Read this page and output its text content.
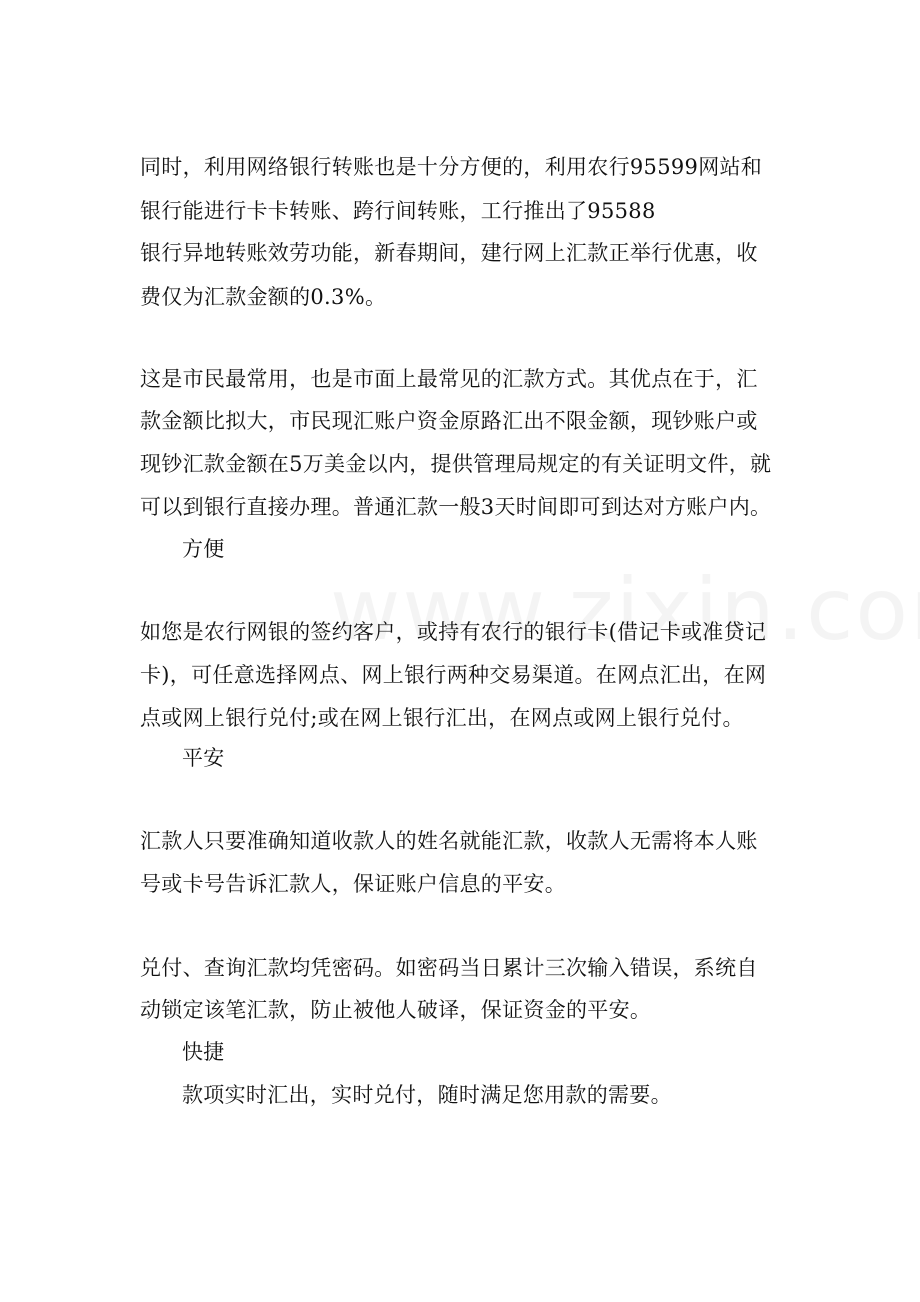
同时，利用网络银行转账也是十分方便的，利用农行95599网站和
银行能进行卡卡转账、跨行间转账，工行推出了95588
银行异地转账效劳功能，新春期间，建行网上汇款正举行优惠，收
费仅为汇款金额的0.3%。
这是市民最常用，也是市面上最常见的汇款方式。其优点在于，汇
款金额比拟大，市民现汇账户资金原路汇出不限金额，现钞账户或
现钞汇款金额在5万美金以内，提供管理局规定的有关证明文件，就
可以到银行直接办理。普通汇款一般3天时间即可到达对方账户内。
方便
如您是农行网银的签约客户，或持有农行的银行卡(借记卡或准贷记
卡)，可任意选择网点、网上银行两种交易渠道。在网点汇出，在网
点或网上银行兑付;或在网上银行汇出，在网点或网上银行兑付。
平安
汇款人只要准确知道收款人的姓名就能汇款，收款人无需将本人账
号或卡号告诉汇款人，保证账户信息的平安。
兑付、查询汇款均凭密码。如密码当日累计三次输入错误，系统自
动锁定该笔汇款，防止被他人破译，保证资金的平安。
快捷
款项实时汇出，实时兑付，随时满足您用款的需要。
